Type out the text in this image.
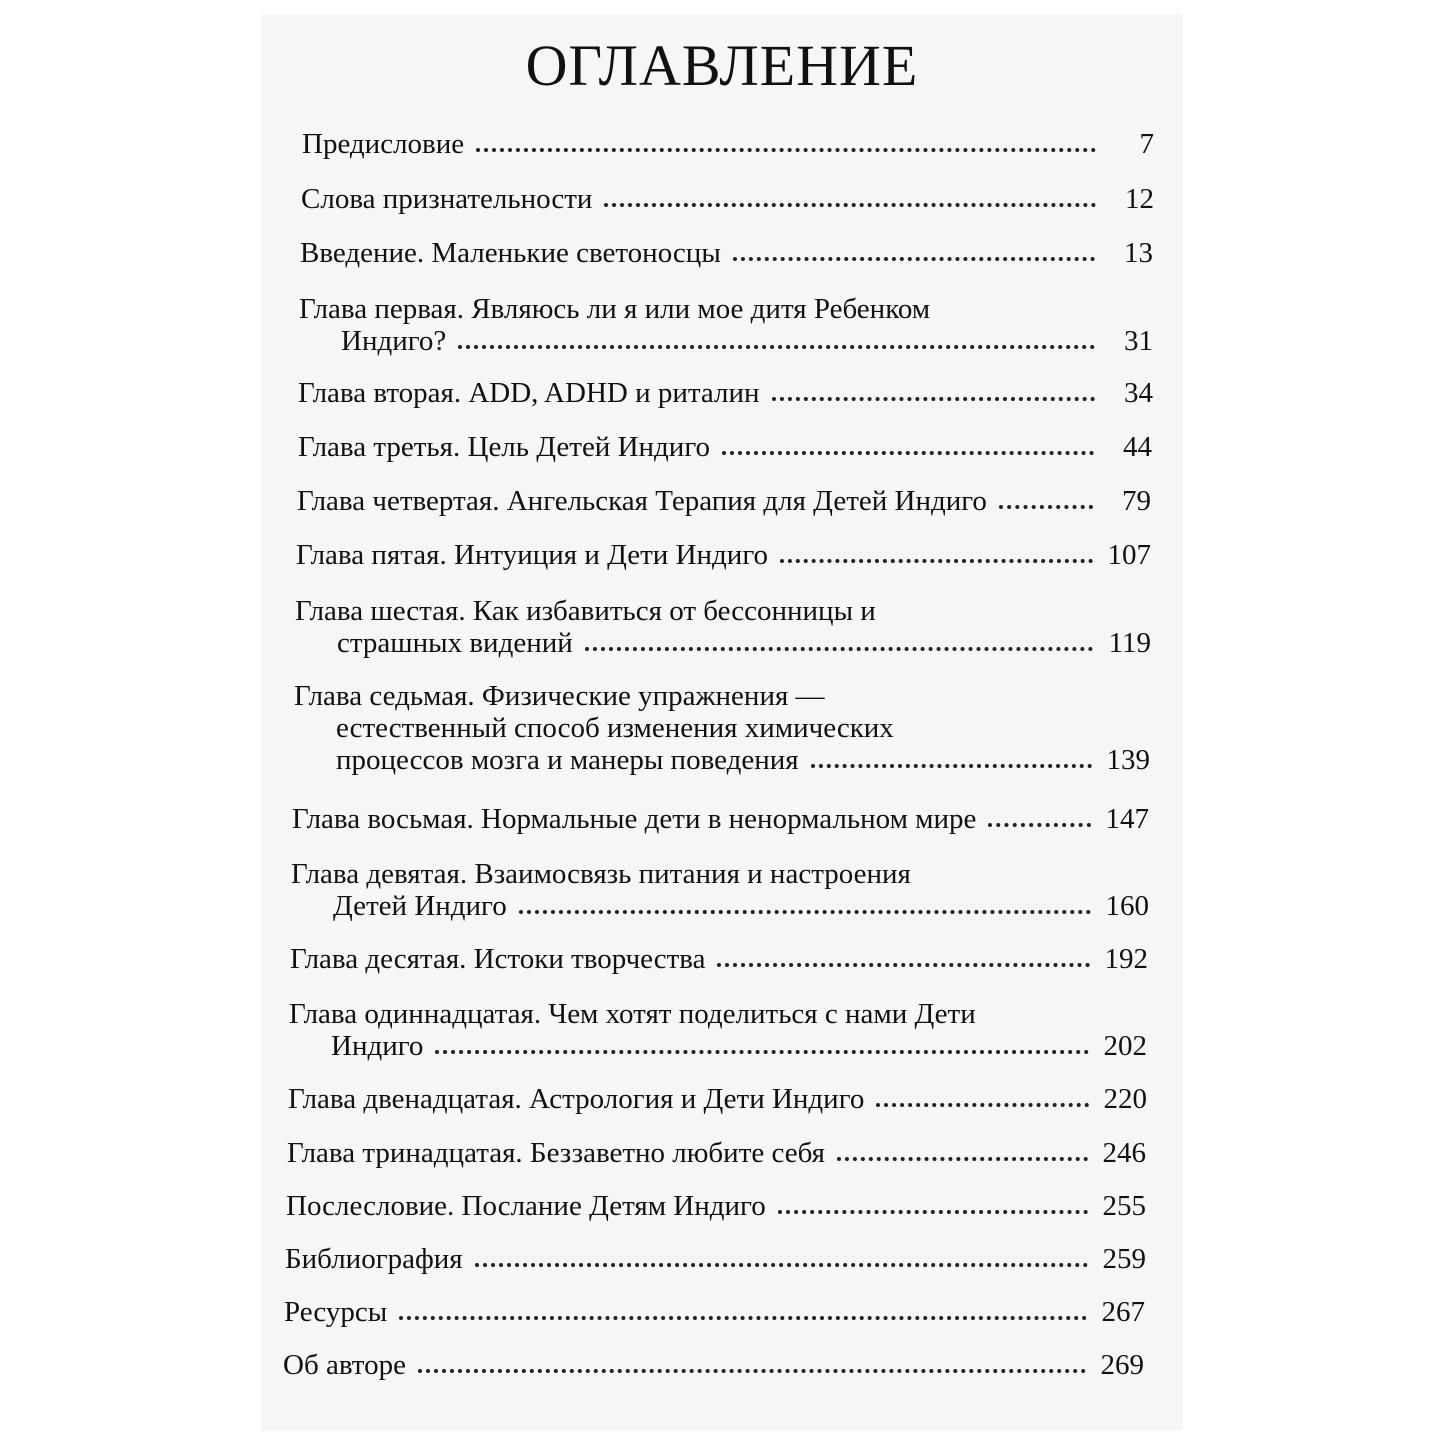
ОГЛАВЛЕНИЕ
Предисловие	7
Слова признательности	12
Введение. Маленькие светоносцы	13
Глава первая. Являюсь ли я или мое дитя Ребенком
Индиго?	31
Глава вторая. ADD, ADHD и риталин	34
Глава третья. Цель Детей Индиго	44
Глава четвертая. Ангельская Терапия для Детей Индиго	79
Глава пятая. Интуиция и Дети Индиго	107
Глава шестая. Как избавиться от бессонницы и
страшных видений	119
Глава седьмая. Физические упражнения —
естественный способ изменения химических
процессов мозга и манеры поведения	139
Глава восьмая. Нормальные дети в ненормальном мире	147
Глава девятая. Взаимосвязь питания и настроения
Детей Индиго	160
Глава десятая. Истоки творчества	192
Глава одиннадцатая. Чем хотят поделиться с нами Дети
Индиго	202
Глава двенадцатая. Астрология и Дети Индиго	220
Глава тринадцатая. Беззаветно любите себя	246
Послесловие. Послание Детям Индиго	255
Библиография	259
Ресурсы	267
Об авторе	269
